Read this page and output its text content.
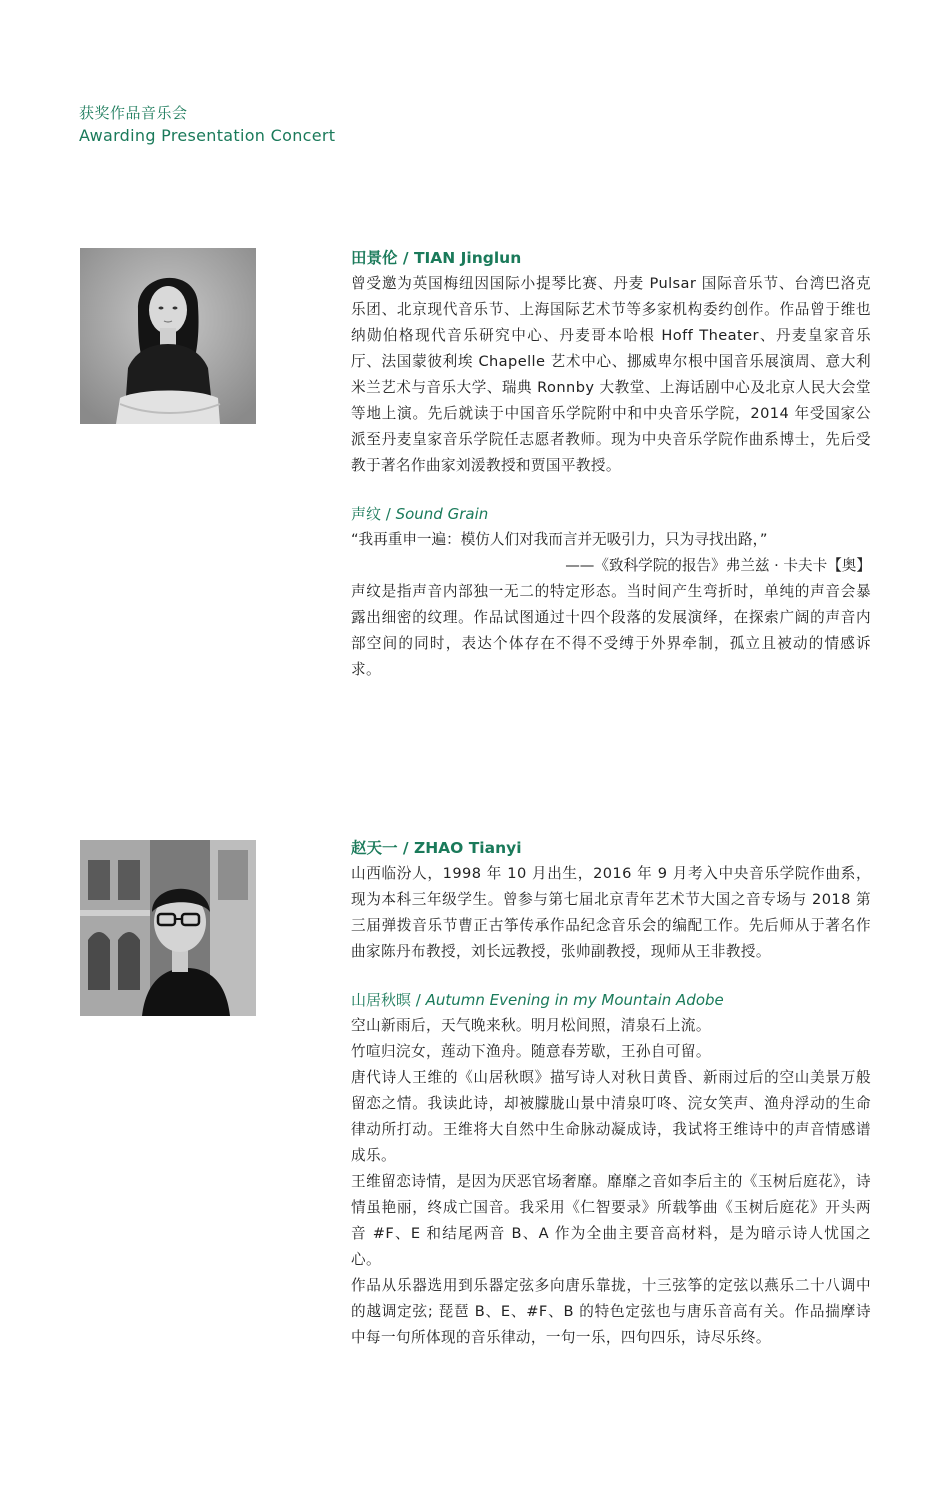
获奖作品音乐会
Awarding Presentation Concert

田景伦 / TIAN Jinglun

曾受邀为英国梅纽因国际小提琴比赛、丹麦 Pulsar 国际音乐节、台湾巴洛克乐团、北京现代音乐节、上海国际艺术节等多家机构委约创作。作品曾于维也纳勋伯格现代音乐研究中心、丹麦哥本哈根 Hoff Theater、丹麦皇家音乐厅、法国蒙彼利埃 Chapelle 艺术中心、挪威卑尔根中国音乐展演周、意大利米兰艺术与音乐大学、瑞典 Ronnby 大教堂、上海话剧中心及北京人民大会堂等地上演。先后就读于中国音乐学院附中和中央音乐学院，2014 年受国家公派至丹麦皇家音乐学院任志愿者教师。现为中央音乐学院作曲系博士，先后受教于著名作曲家刘湲教授和贾国平教授。

声纹 / Sound Grain

“我再重申一遍：模仿人们对我而言并无吸引力，只为寻找出路，”

——《致科学院的报告》弗兰兹 · 卡夫卡【奥】

声纹是指声音内部独一无二的特定形态。当时间产生弯折时，单纯的声音会暴露出细密的纹理。作品试图通过十四个段落的发展演绎，在探索广阔的声音内部空间的同时，表达个体存在不得不受缚于外界牵制，孤立且被动的情感诉求。

赵天一 / ZHAO Tianyi

山西临汾人，1998 年 10 月出生，2016 年 9 月考入中央音乐学院作曲系，现为本科三年级学生。曾参与第七届北京青年艺术节大国之音专场与 2018 第三届弹拨音乐节曹正古筝传承作品纪念音乐会的编配工作。先后师从于著名作曲家陈丹布教授，刘长远教授，张帅副教授，现师从王非教授。

山居秋暝 / Autumn Evening in my Mountain Adobe

空山新雨后，天气晚来秋。明月松间照，清泉石上流。

竹喧归浣女，莲动下渔舟。随意春芳歇，王孙自可留。

唐代诗人王维的《山居秋暝》描写诗人对秋日黄昏、新雨过后的空山美景万般留恋之情。我读此诗，却被朦胧山景中清泉叮咚、浣女笑声、渔舟浮动的生命律动所打动。王维将大自然中生命脉动凝成诗，我试将王维诗中的声音情感谱成乐。

王维留恋诗情，是因为厌恶官场奢靡。靡靡之音如李后主的《玉树后庭花》，诗情虽艳丽，终成亡国音。我采用《仁智要录》所载筝曲《玉树后庭花》开头两音 #F、E 和结尾两音 B、A 作为全曲主要音高材料，是为暗示诗人忧国之心。

作品从乐器选用到乐器定弦多向唐乐靠拢，十三弦筝的定弦以燕乐二十八调中的越调定弦; 琵琶 B、E、#F、B 的特色定弦也与唐乐音高有关。作品揣摩诗中每一句所体现的音乐律动，一句一乐，四句四乐，诗尽乐终。
